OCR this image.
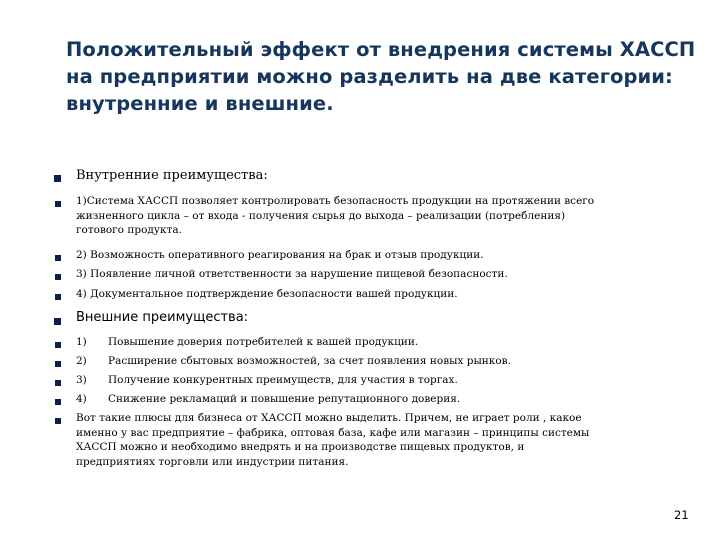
Положительный эффект от внедрения системы ХАССП
на предприятии можно разделить на две категории:
внутренние и внешние.
Внутренние преимущества:
1)Система ХАССП позволяет контролировать безопасность продукции на протяжении всего
жизненного цикла – от входа - получения сырья до выхода – реализации (потребления)
готового продукта.
2) Возможность оперативного реагирования на брак и отзыв продукции.
3) Появление личной ответственности за нарушение пищевой безопасности.
4) Документальное подтверждение безопасности вашей продукции.
Внешние преимущества:
1) Повышение доверия потребителей к вашей продукции.
2) Расширение сбытовых возможностей, за счет появления новых рынков.
3) Получение конкурентных преимуществ, для участия в торгах.
4) Снижение рекламаций и повышение репутационного доверия.
Вот такие плюсы для бизнеса от ХАССП можно выделить. Причем, не играет роли , какое
именно у вас предприятие – фабрика, оптовая база, кафе или магазин – принципы системы
ХАССП можно и необходимо внедрять и на производстве пищевых продуктов, и
предприятиях торговли или индустрии питания.
21
